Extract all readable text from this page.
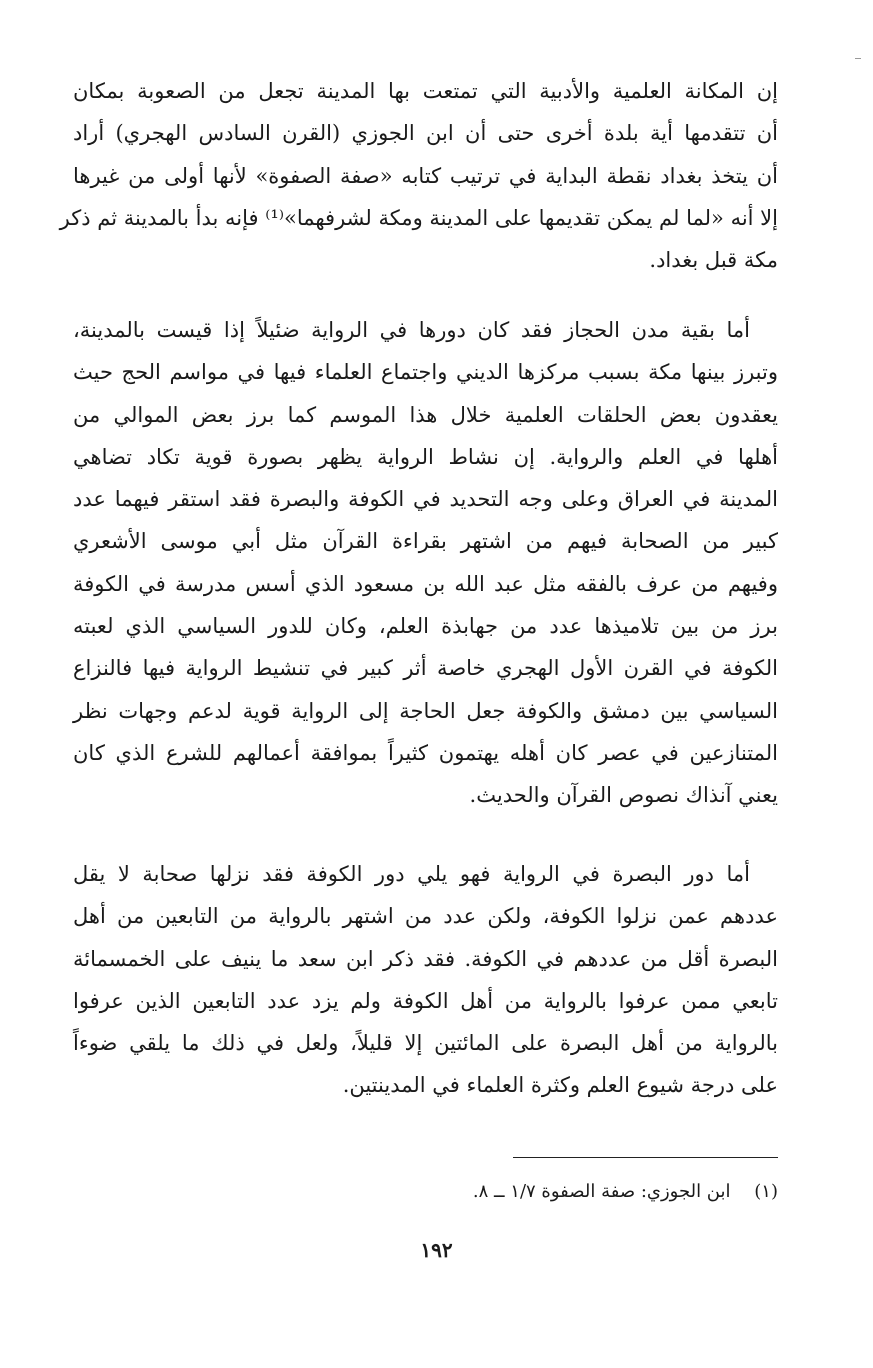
إن المكانة العلمية والأدبية التي تمتعت بها المدينة تجعل من الصعوبة بمكان
أن تتقدمها أية بلدة أخرى حتى أن ابن الجوزي (القرن السادس الهجري) أراد
أن يتخذ بغداد نقطة البداية في ترتيب كتابه «صفة الصفوة» لأنها أولى من غيرها
إلا أنه «لما لم يمكن تقديمها على المدينة ومكة لشرفهما»⁽¹⁾ فإنه بدأ بالمدينة ثم ذكر
مكة قبل بغداد.
أما بقية مدن الحجاز فقد كان دورها في الرواية ضئيلاً إذا قيست بالمدينة،
وتبرز بينها مكة بسبب مركزها الديني واجتماع العلماء فيها في مواسم الحج حيث
يعقدون بعض الحلقات العلمية خلال هذا الموسم كما برز بعض الموالي من
أهلها في العلم والرواية. إن نشاط الرواية يظهر بصورة قوية تكاد تضاهي
المدينة في العراق وعلى وجه التحديد في الكوفة والبصرة فقد استقر فيهما عدد
كبير من الصحابة فيهم من اشتهر بقراءة القرآن مثل أبي موسى الأشعري
وفيهم من عرف بالفقه مثل عبد الله بن مسعود الذي أسس مدرسة في الكوفة
برز من بين تلاميذها عدد من جهابذة العلم، وكان للدور السياسي الذي لعبته
الكوفة في القرن الأول الهجري خاصة أثر كبير في تنشيط الرواية فيها فالنزاع
السياسي بين دمشق والكوفة جعل الحاجة إلى الرواية قوية لدعم وجهات نظر
المتنازعين في عصر كان أهله يهتمون كثيراً بموافقة أعمالهم للشرع الذي كان
يعني آنذاك نصوص القرآن والحديث.
أما دور البصرة في الرواية فهو يلي دور الكوفة فقد نزلها صحابة لا يقل
عددهم عمن نزلوا الكوفة، ولكن عدد من اشتهر بالرواية من التابعين من أهل
البصرة أقل من عددهم في الكوفة. فقد ذكر ابن سعد ما ينيف على الخمسمائة
تابعي ممن عرفوا بالرواية من أهل الكوفة ولم يزد عدد التابعين الذين عرفوا
بالرواية من أهل البصرة على المائتين إلا قليلاً، ولعل في ذلك ما يلقي ضوءاً
على درجة شيوع العلم وكثرة العلماء في المدينتين.
(١) ابن الجوزي: صفة الصفوة ١/٧ ــ ٨.
١٩٢
